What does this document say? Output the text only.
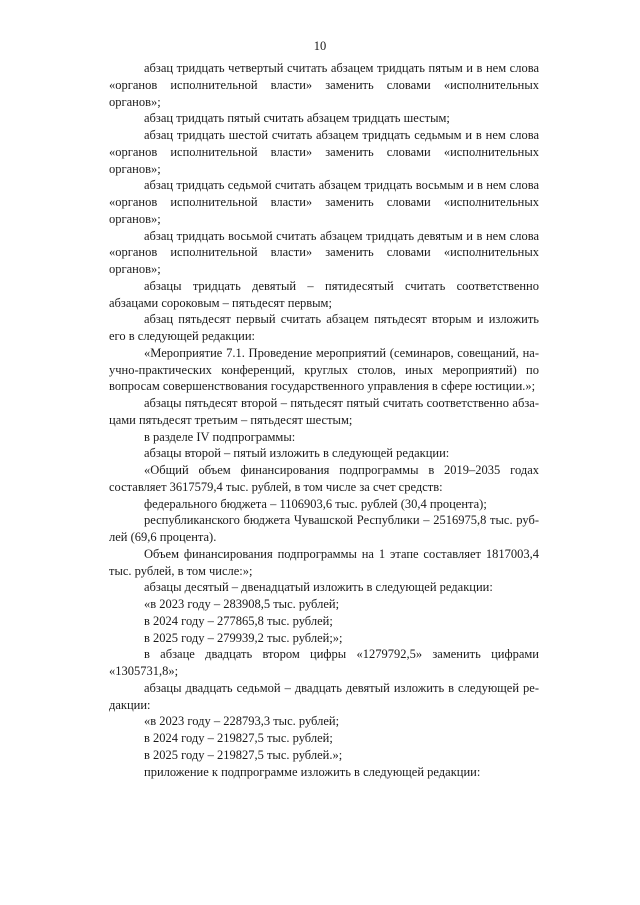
10

абзац тридцать четвертый считать абзацем тридцать пятым и в нем слова «органов исполнительной власти» заменить словами «исполнительных органов»;

абзац тридцать пятый считать абзацем тридцать шестым;

абзац тридцать шестой считать абзацем тридцать седьмым и в нем слова «органов исполнительной власти» заменить словами «исполнительных органов»;

абзац тридцать седьмой считать абзацем тридцать восьмым и в нем слова «органов исполнительной власти» заменить словами «исполнительных органов»;

абзац тридцать восьмой считать абзацем тридцать девятым и в нем слова «органов исполнительной власти» заменить словами «исполнительных органов»;

абзацы тридцать девятый – пятидесятый считать соответственно абзацами сороковым – пятьдесят первым;

абзац пятьдесят первый считать абзацем пятьдесят вторым и изложить его в следующей редакции:

«Мероприятие 7.1. Проведение мероприятий (семинаров, совещаний, научно-практических конференций, круглых столов, иных мероприятий) по вопросам совершенствования государственного управления в сфере юстиции.»;

абзацы пятьдесят второй – пятьдесят пятый считать соответственно абзацами пятьдесят третьим – пятьдесят шестым;

в разделе IV подпрограммы:

абзацы второй – пятый изложить в следующей редакции:

«Общий объем финансирования подпрограммы в 2019–2035 годах составляет 3617579,4 тыс. рублей, в том числе за счет средств:

федерального бюджета – 1106903,6 тыс. рублей (30,4 процента);

республиканского бюджета Чувашской Республики – 2516975,8 тыс. рублей (69,6 процента).

Объем финансирования подпрограммы на 1 этапе составляет 1817003,4 тыс. рублей, в том числе:»;

абзацы десятый – двенадцатый изложить в следующей редакции:

«в 2023 году – 283908,5 тыс. рублей;

в 2024 году – 277865,8 тыс. рублей;

в 2025 году – 279939,2 тыс. рублей;»;

в абзаце двадцать втором цифры «1279792,5» заменить цифрами «1305731,8»;

абзацы двадцать седьмой – двадцать девятый изложить в следующей редакции:

«в 2023 году – 228793,3 тыс. рублей;

в 2024 году – 219827,5 тыс. рублей;

в 2025 году – 219827,5 тыс. рублей.»;

приложение к подпрограмме изложить в следующей редакции:
